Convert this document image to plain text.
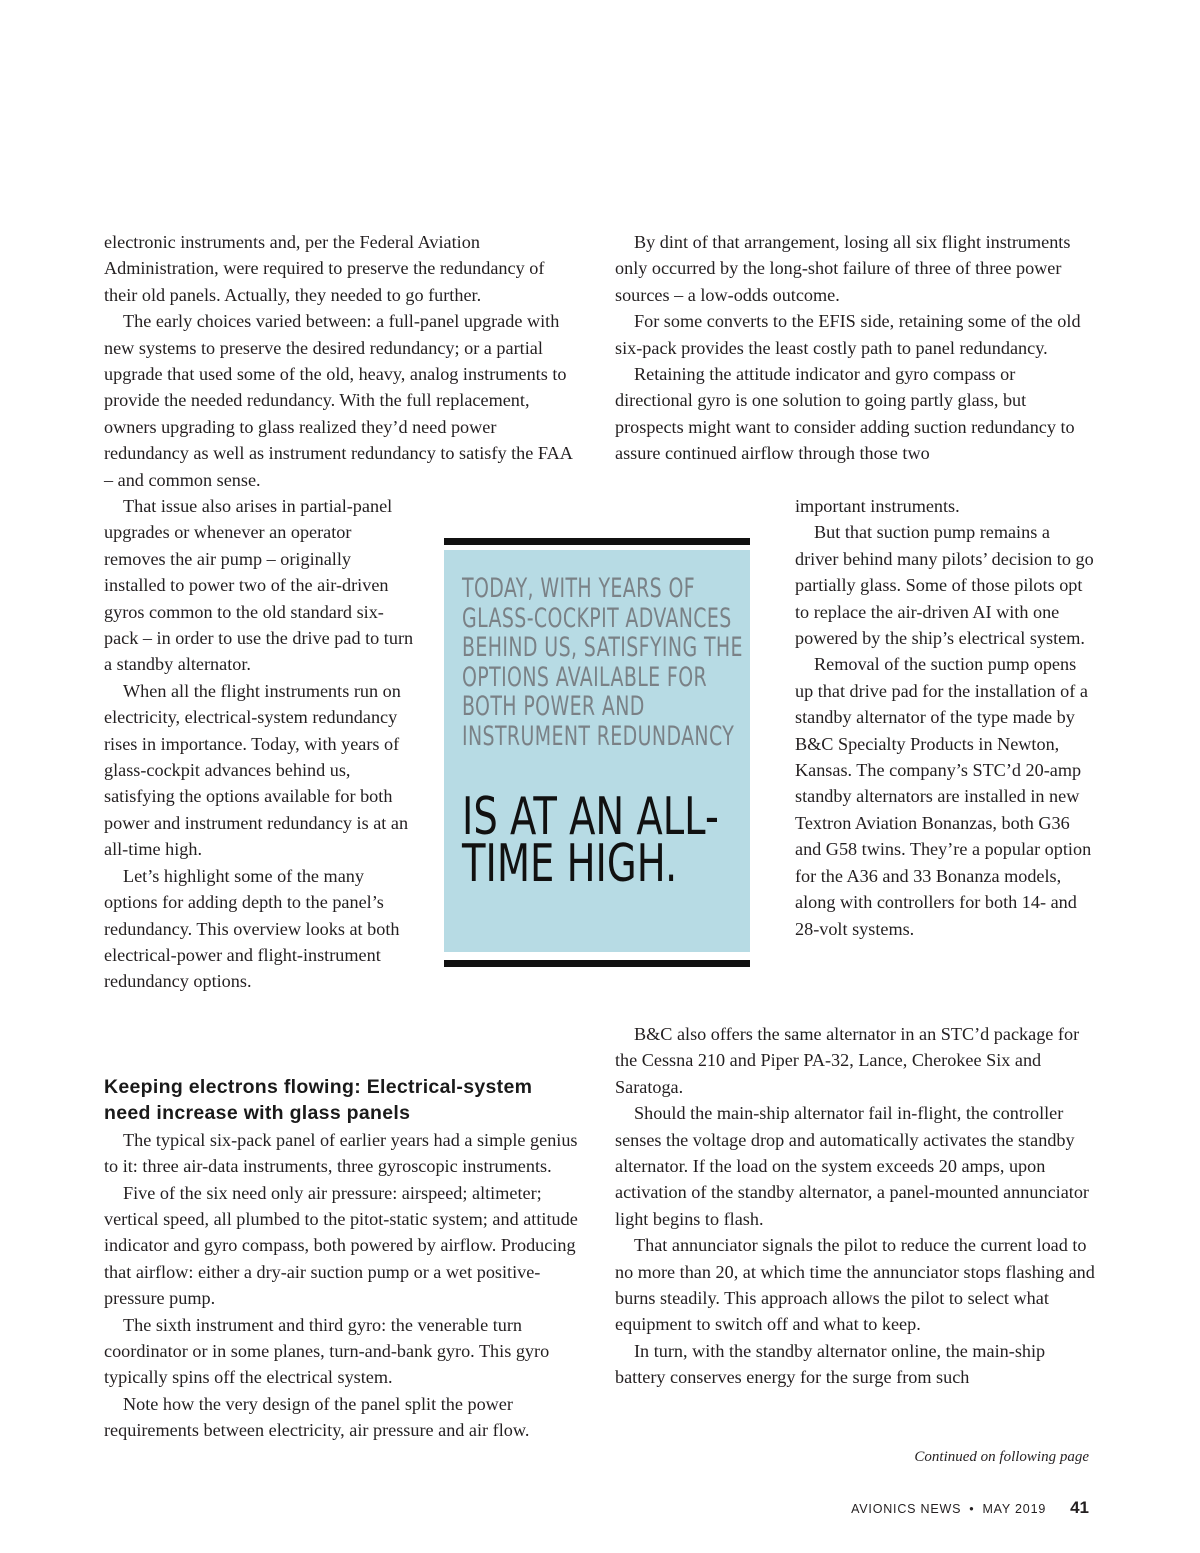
electronic instruments and, per the Federal Aviation Administration, were required to preserve the redundancy of their old panels. Actually, they needed to go further.

The early choices varied between: a full-panel upgrade with new systems to preserve the desired redundancy; or a partial upgrade that used some of the old, heavy, analog instruments to provide the needed redundancy. With the full replacement, owners upgrading to glass realized they’d need power redundancy as well as instrument redundancy to satisfy the FAA – and common sense.

That issue also arises in partial-panel upgrades or whenever an operator removes the air pump – originally installed to power two of the air-driven gyros common to the old standard six-pack – in order to use the drive pad to turn a standby alternator.

When all the flight instruments run on electricity, electrical-system redundancy rises in importance. Today, with years of glass-cockpit advances behind us, satisfying the options available for both power and instrument redundancy is at an all-time high.

Let’s highlight some of the many options for adding depth to the panel’s redundancy. This overview looks at both electrical-power and flight-instrument redundancy options.

Keeping electrons flowing: Electrical-system need increase with glass panels

The typical six-pack panel of earlier years had a simple genius to it: three air-data instruments, three gyroscopic instruments.

Five of the six need only air pressure: airspeed; altimeter; vertical speed, all plumbed to the pitot-static system; and attitude indicator and gyro compass, both powered by airflow. Producing that airflow: either a dry-air suction pump or a wet positive-pressure pump.

The sixth instrument and third gyro: the venerable turn coordinator or in some planes, turn-and-bank gyro. This gyro typically spins off the electrical system.

Note how the very design of the panel split the power requirements between electricity, air pressure and air flow.

By dint of that arrangement, losing all six flight instruments only occurred by the long-shot failure of three of three power sources – a low-odds outcome.

For some converts to the EFIS side, retaining some of the old six-pack provides the least costly path to panel redundancy.

Retaining the attitude indicator and gyro compass or directional gyro is one solution to going partly glass, but prospects might want to consider adding suction redundancy to assure continued airflow through those two

important instruments.

But that suction pump remains a driver behind many pilots’ decision to go partially glass. Some of those pilots opt to replace the air-driven AI with one powered by the ship’s electrical system.

Removal of the suction pump opens up that drive pad for the installation of a standby alternator of the type made by B&C Specialty Products in Newton, Kansas. The company’s STC’d 20-amp standby alternators are installed in new Textron Aviation Bonanzas, both G36 and G58 twins. They’re a popular option for the A36 and 33 Bonanza models, along with controllers for both 14- and 28-volt systems.

B&C also offers the same alternator in an STC’d package for the Cessna 210 and Piper PA-32, Lance, Cherokee Six and Saratoga.

Should the main-ship alternator fail in-flight, the controller senses the voltage drop and automatically activates the standby alternator. If the load on the system exceeds 20 amps, upon activation of the standby alternator, a panel-mounted annunciator light begins to flash.

That annunciator signals the pilot to reduce the current load to no more than 20, at which time the annunciator stops flashing and burns steadily. This approach allows the pilot to select what equipment to switch off and what to keep.

In turn, with the standby alternator online, the main-ship battery conserves energy for the surge from such

TODAY, WITH YEARS OF GLASS-COCKPIT ADVANCES BEHIND US, SATISFYING THE OPTIONS AVAILABLE FOR BOTH POWER AND INSTRUMENT REDUNDANCY
IS AT AN ALL-TIME HIGH.
Continued on following page
AVIONICS NEWS • MAY 2019 41
